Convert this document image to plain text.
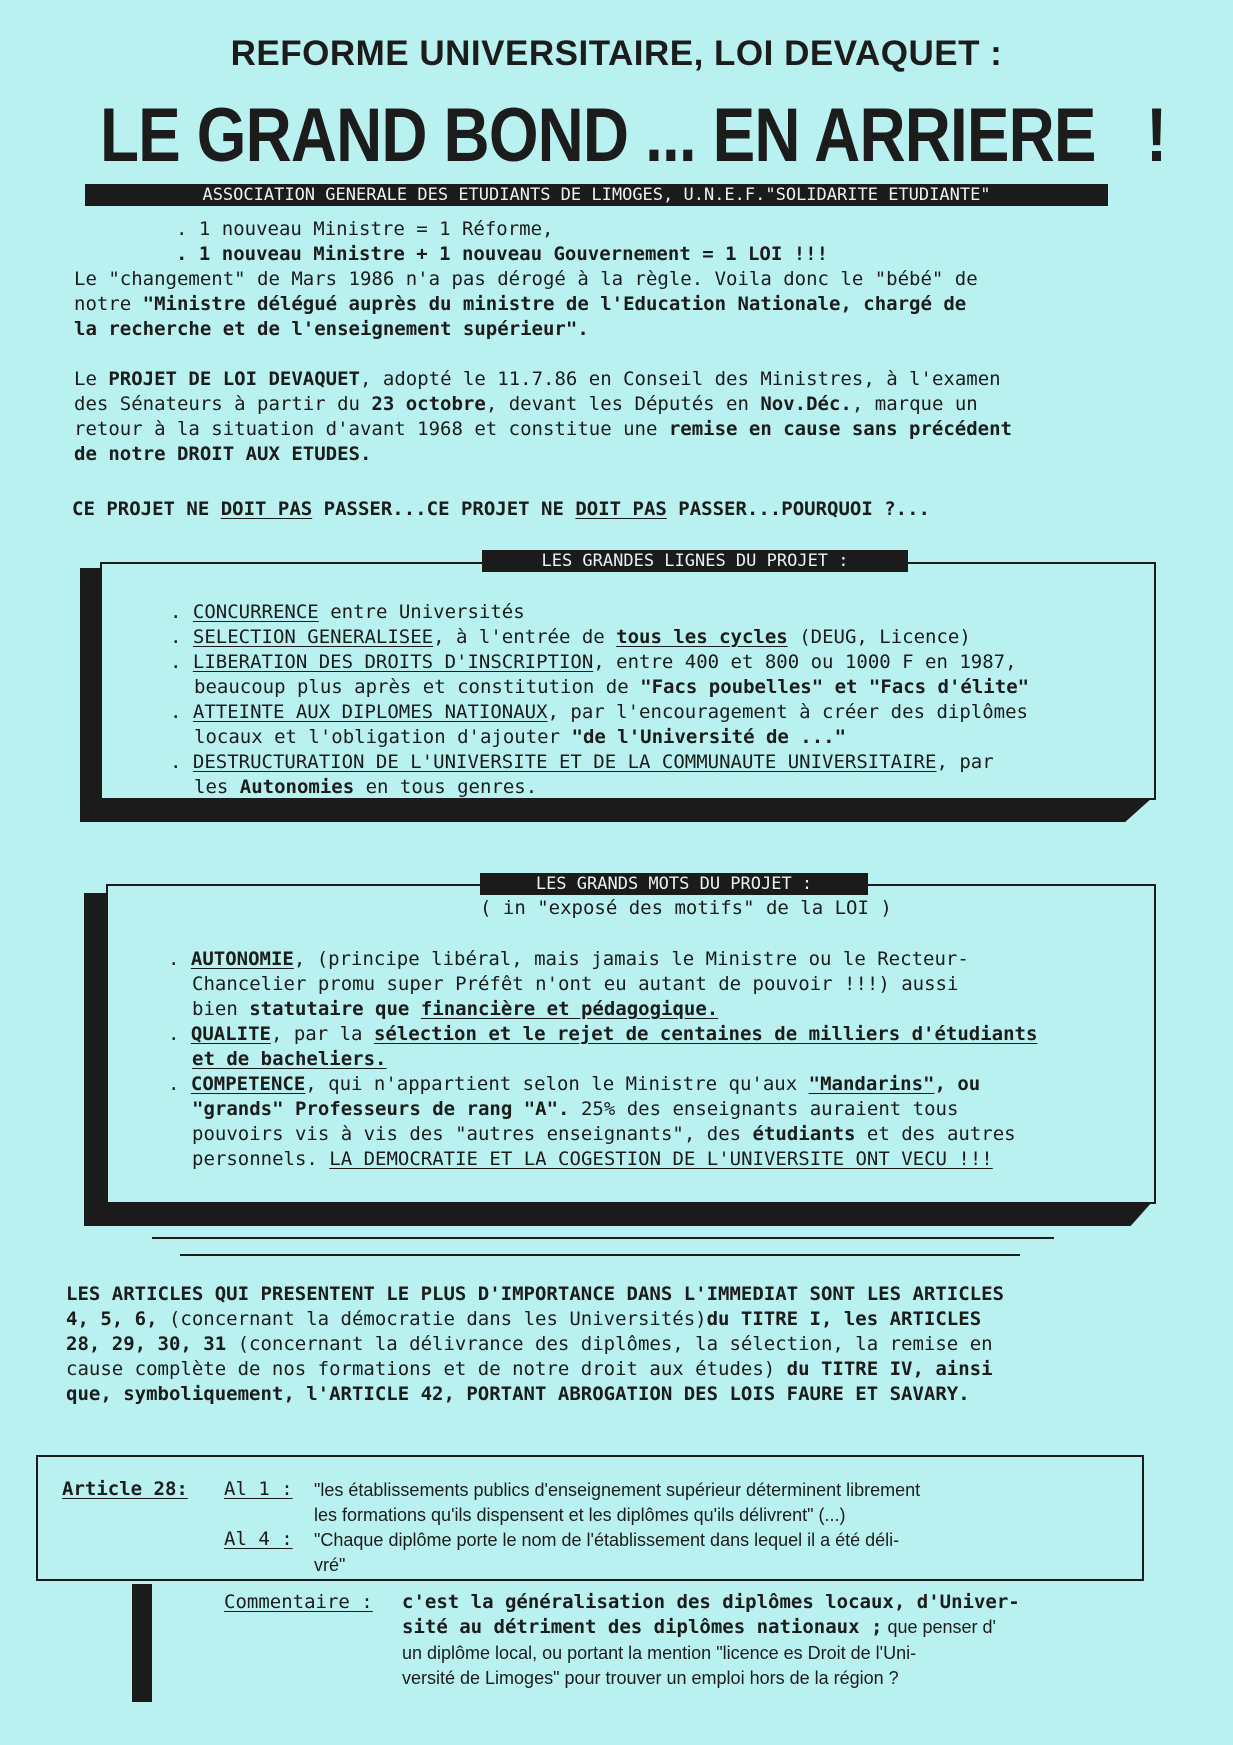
REFORME UNIVERSITAIRE, LOI DEVAQUET :
LE GRAND BOND ... EN ARRIERE !
ASSOCIATION GENERALE DES ETUDIANTS DE LIMOGES, U.N.E.F."SOLIDARITE ETUDIANTE"
. 1 nouveau Ministre = 1 Réforme,
. 1 nouveau Ministre + 1 nouveau Gouvernement = 1 LOI !!!
Le "changement" de Mars 1986 n'a pas dérogé à la règle. Voila donc le "bébé" de
notre "Ministre délégué auprès du ministre de l'Education Nationale, chargé de
la recherche et de l'enseignement supérieur".
Le PROJET DE LOI DEVAQUET, adopté le 11.7.86 en Conseil des Ministres, à l'examen
des Sénateurs à partir du 23 octobre, devant les Députés en Nov.Déc., marque un
retour à la situation d'avant 1968 et constitue une remise en cause sans précédent
de notre DROIT AUX ETUDES.
CE PROJET NE DOIT PAS PASSER...CE PROJET NE DOIT PAS PASSER...POURQUOI ?...
LES GRANDES LIGNES DU PROJET :
. CONCURRENCE entre Universités
. SELECTION GENERALISEE, à l'entrée de tous les cycles (DEUG, Licence)
. LIBERATION DES DROITS D'INSCRIPTION, entre 400 et 800 ou 1000 F en 1987,
beaucoup plus après et constitution de "Facs poubelles" et "Facs d'élite"
. ATTEINTE AUX DIPLOMES NATIONAUX, par l'encouragement à créer des diplômes
locaux et l'obligation d'ajouter "de l'Université de ..."
. DESTRUCTURATION DE L'UNIVERSITE ET DE LA COMMUNAUTE UNIVERSITAIRE, par
les Autonomies en tous genres.
LES GRANDS MOTS DU PROJET :
( in "exposé des motifs" de la LOI )
. AUTONOMIE, (principe libéral, mais jamais le Ministre ou le Recteur-
Chancelier promu super Préfêt n'ont eu autant de pouvoir !!!) aussi
bien statutaire que financière et pédagogique.
. QUALITE, par la sélection et le rejet de centaines de milliers d'étudiants
et de bacheliers.
. COMPETENCE, qui n'appartient selon le Ministre qu'aux "Mandarins", ou
"grands" Professeurs de rang "A". 25% des enseignants auraient tous
pouvoirs vis à vis des "autres enseignants", des étudiants et des autres
personnels. LA DEMOCRATIE ET LA COGESTION DE L'UNIVERSITE ONT VECU !!!
LES ARTICLES QUI PRESENTENT LE PLUS D'IMPORTANCE DANS L'IMMEDIAT SONT LES ARTICLES
4, 5, 6, (concernant la démocratie dans les Universités)du TITRE I, les ARTICLES
28, 29, 30, 31 (concernant la délivrance des diplômes, la sélection, la remise en
cause complète de nos formations et de notre droit aux études) du TITRE IV, ainsi
que, symboliquement, l'ARTICLE 42, PORTANT ABROGATION DES LOIS FAURE ET SAVARY.
Article 28: Al 1 : "les établissements publics d'enseignement supérieur déterminent librement
les formations qu'ils dispensent et les diplômes qu'ils délivrent" (...)
Al 4 : "Chaque diplôme porte le nom de l'établissement dans lequel il a été déli-
vré"
Commentaire : c'est la généralisation des diplômes locaux, d'Univer-
sité au détriment des diplômes nationaux ; que penser d'
un diplôme local, ou portant la mention "licence es Droit de l'Uni-
versité de Limoges" pour trouver un emploi hors de la région ?
